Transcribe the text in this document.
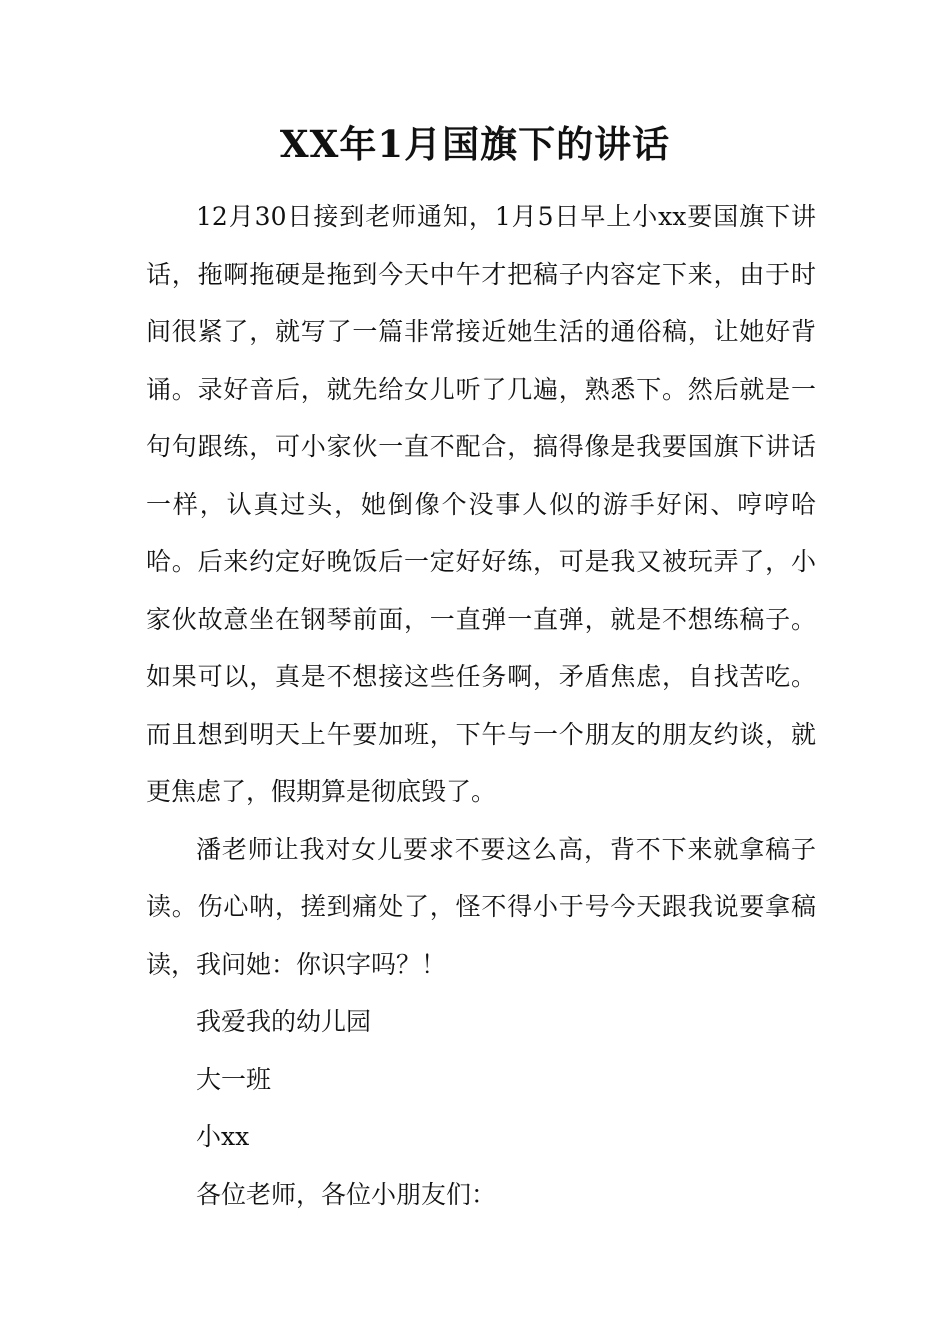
XX年1月国旗下的讲话

12月30日接到老师通知，1月5日早上小xx要国旗下讲话，拖啊拖硬是拖到今天中午才把稿子内容定下来，由于时间很紧了，就写了一篇非常接近她生活的通俗稿，让她好背诵。录好音后，就先给女儿听了几遍，熟悉下。然后就是一句句跟练，可小家伙一直不配合，搞得像是我要国旗下讲话一样，认真过头，她倒像个没事人似的游手好闲、哼哼哈哈。后来约定好晚饭后一定好好练，可是我又被玩弄了，小家伙故意坐在钢琴前面，一直弹一直弹，就是不想练稿子。如果可以，真是不想接这些任务啊，矛盾焦虑，自找苦吃。而且想到明天上午要加班，下午与一个朋友的朋友约谈，就更焦虑了，假期算是彻底毁了。

潘老师让我对女儿要求不要这么高，背不下来就拿稿子读。伤心呐，搓到痛处了，怪不得小于号今天跟我说要拿稿读，我问她：你识字吗？！

我爱我的幼儿园

大一班

小xx

各位老师，各位小朋友们：
